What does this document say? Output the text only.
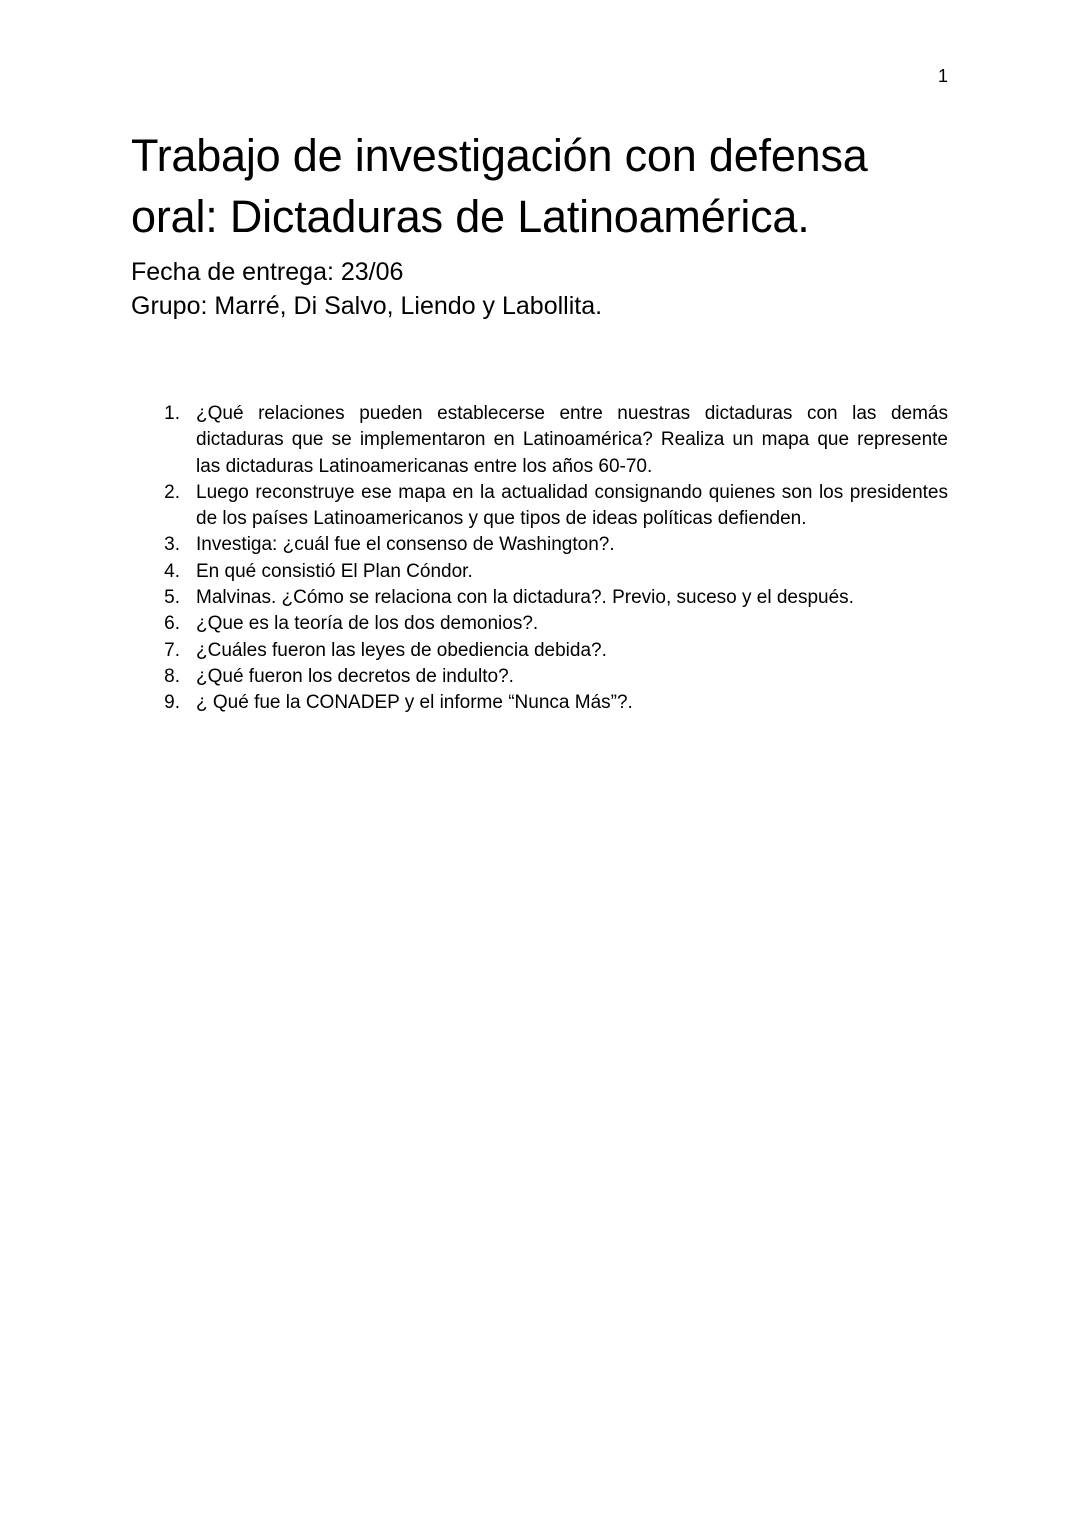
1
Trabajo de investigación con defensa oral: Dictaduras de Latinoamérica.

Fecha de entrega: 23/06

Grupo: Marré, Di Salvo, Liendo y Labollita.

1. ¿Qué relaciones pueden establecerse entre nuestras dictaduras con las demás dictaduras que se implementaron en Latinoamérica? Realiza un mapa que represente las dictaduras Latinoamericanas entre los años 60-70.
2. Luego reconstruye ese mapa en la actualidad consignando quienes son los presidentes de los países Latinoamericanos y que tipos de ideas políticas defienden.
3. Investiga: ¿cuál fue el consenso de Washington?.
4. En qué consistió El Plan Cóndor.
5. Malvinas. ¿Cómo se relaciona con la dictadura?. Previo, suceso y el después.
6. ¿Que es la teoría de los dos demonios?.
7. ¿Cuáles fueron las leyes de obediencia debida?.
8. ¿Qué fueron los decretos de indulto?.
9. ¿ Qué fue la CONADEP y el informe “Nunca Más”?.
